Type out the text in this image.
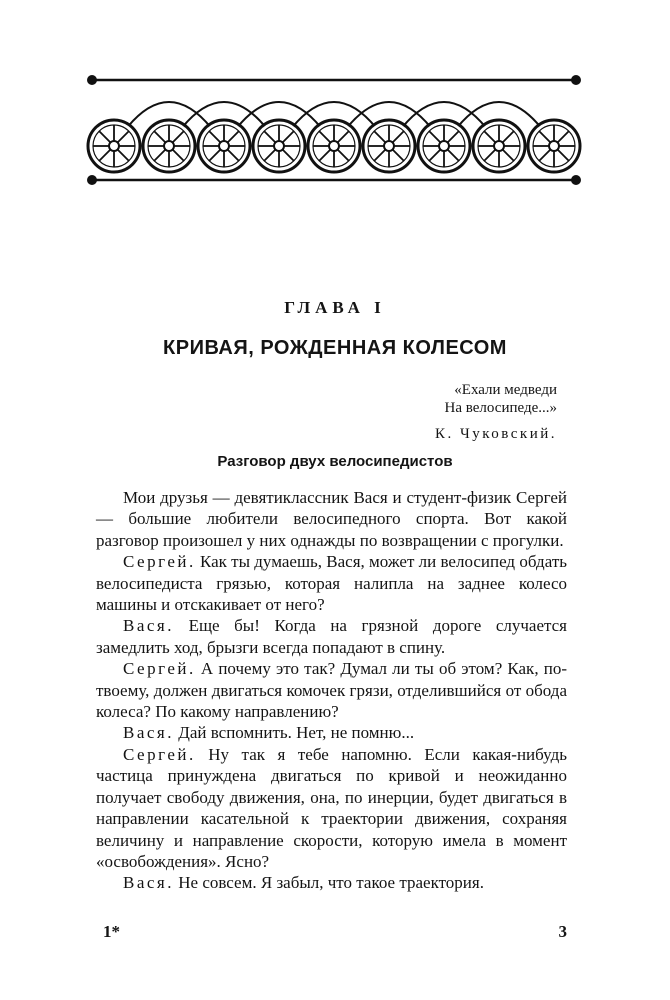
ГЛАВА I
КРИВАЯ, РОЖДЕННАЯ КОЛЕСОМ
«Ехали медведи
На велосипеде...»
К. Чуковский.
Разговор двух велосипедистов

Мои друзья — девятиклассник Вася и студент-физик Сергей — большие любители велосипедного спорта. Вот какой разговор произошел у них однажды по возвращении с прогулки.

Сергей. Как ты думаешь, Вася, может ли велосипед обдать велосипедиста грязью, которая налипла на заднее колесо машины и отскакивает от него?

Вася. Еще бы! Когда на грязной дороге случается замедлить ход, брызги всегда попадают в спину.

Сергей. А почему это так? Думал ли ты об этом? Как, по-твоему, должен двигаться комочек грязи, отделившийся от обода колеса? По какому направлению?

Вася. Дай вспомнить. Нет, не помню...

Сергей. Ну так я тебе напомню. Если какая-нибудь частица принуждена двигаться по кривой и неожиданно получает свободу движения, она, по инерции, будет двигаться в направлении касательной к траектории движения, сохраняя величину и направление скорости, которую имела в момент «освобождения». Ясно?

Вася. Не совсем. Я забыл, что такое траектория.

1*	3
